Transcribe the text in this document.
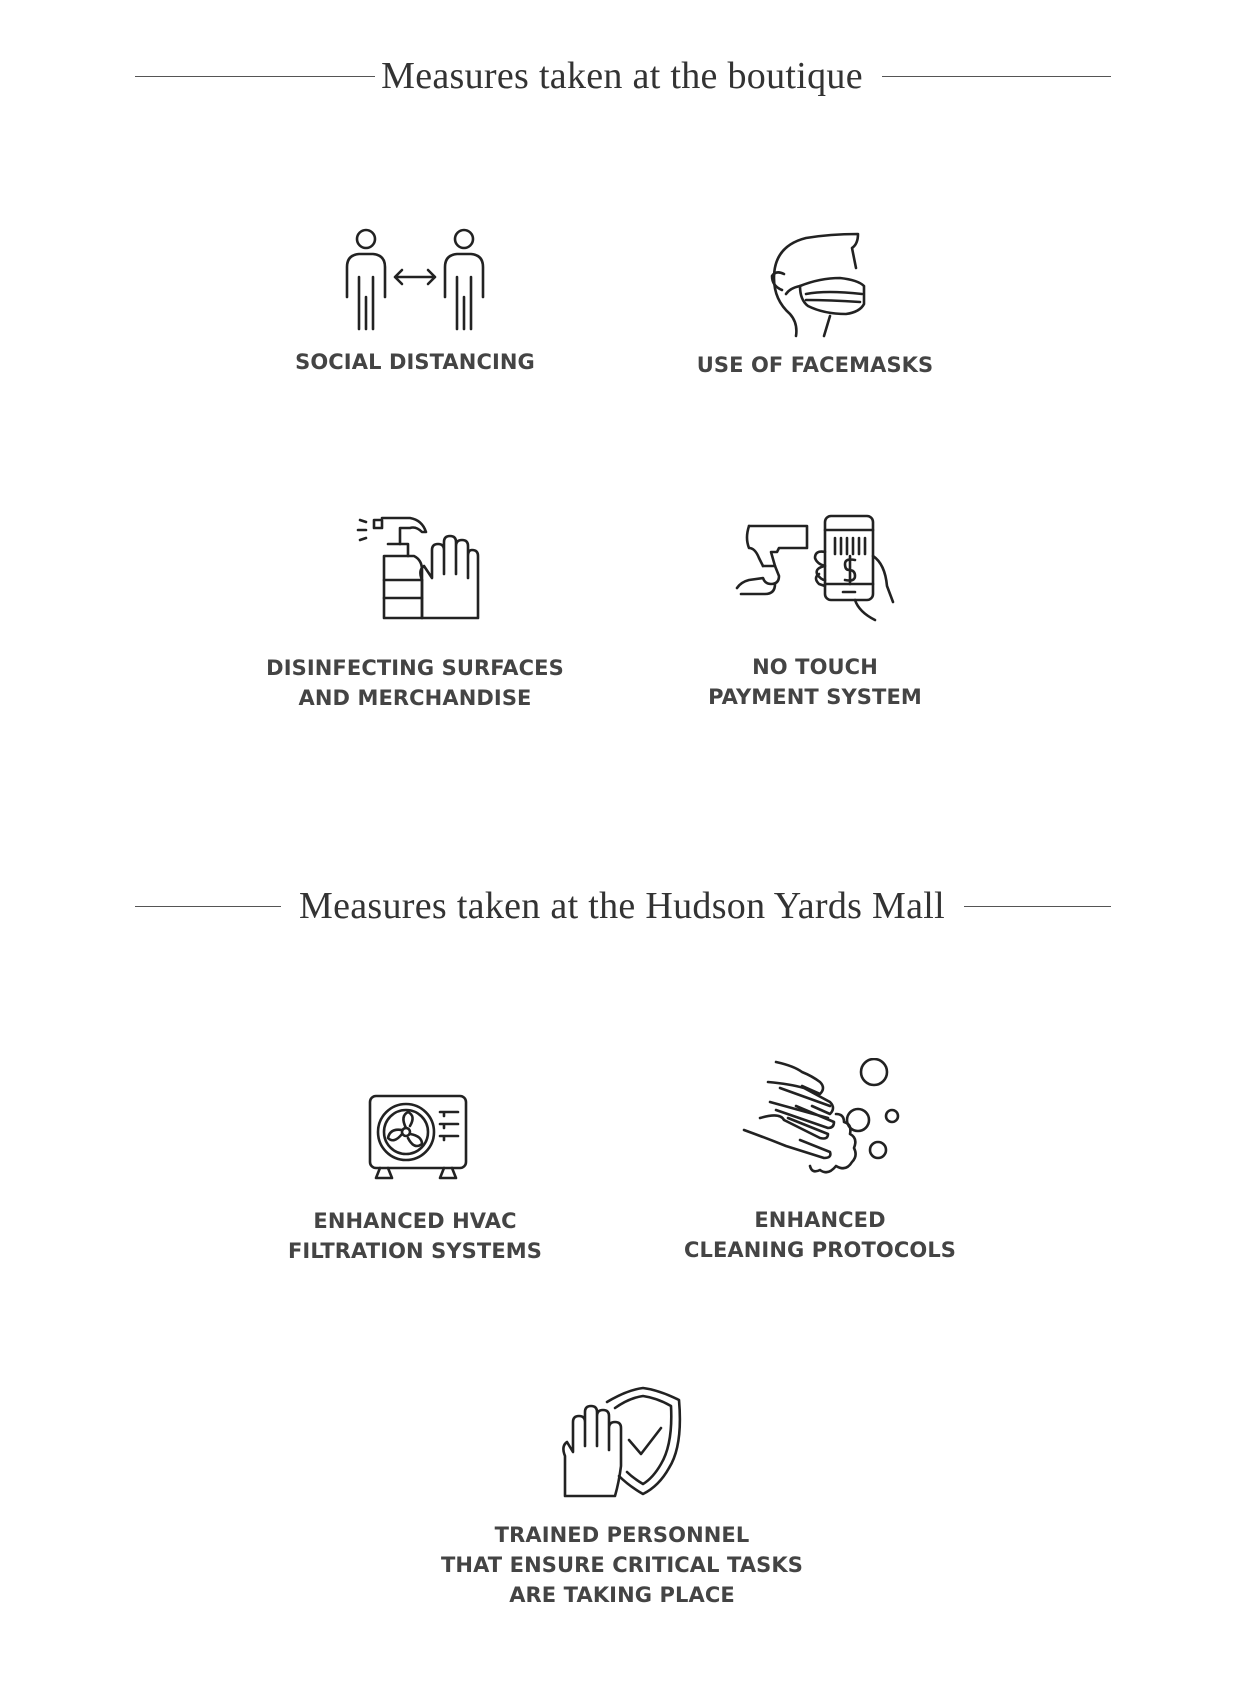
Measures taken at the boutique
SOCIAL DISTANCING	USE OF FACEMASKS
DISINFECTING SURFACES
AND MERCHANDISE
NO TOUCH
PAYMENT SYSTEM
Measures taken at the Hudson Yards Mall
ENHANCED HVAC
FILTRATION SYSTEMS
ENHANCED
CLEANING PROTOCOLS
TRAINED PERSONNEL
THAT ENSURE CRITICAL TASKS
ARE TAKING PLACE
